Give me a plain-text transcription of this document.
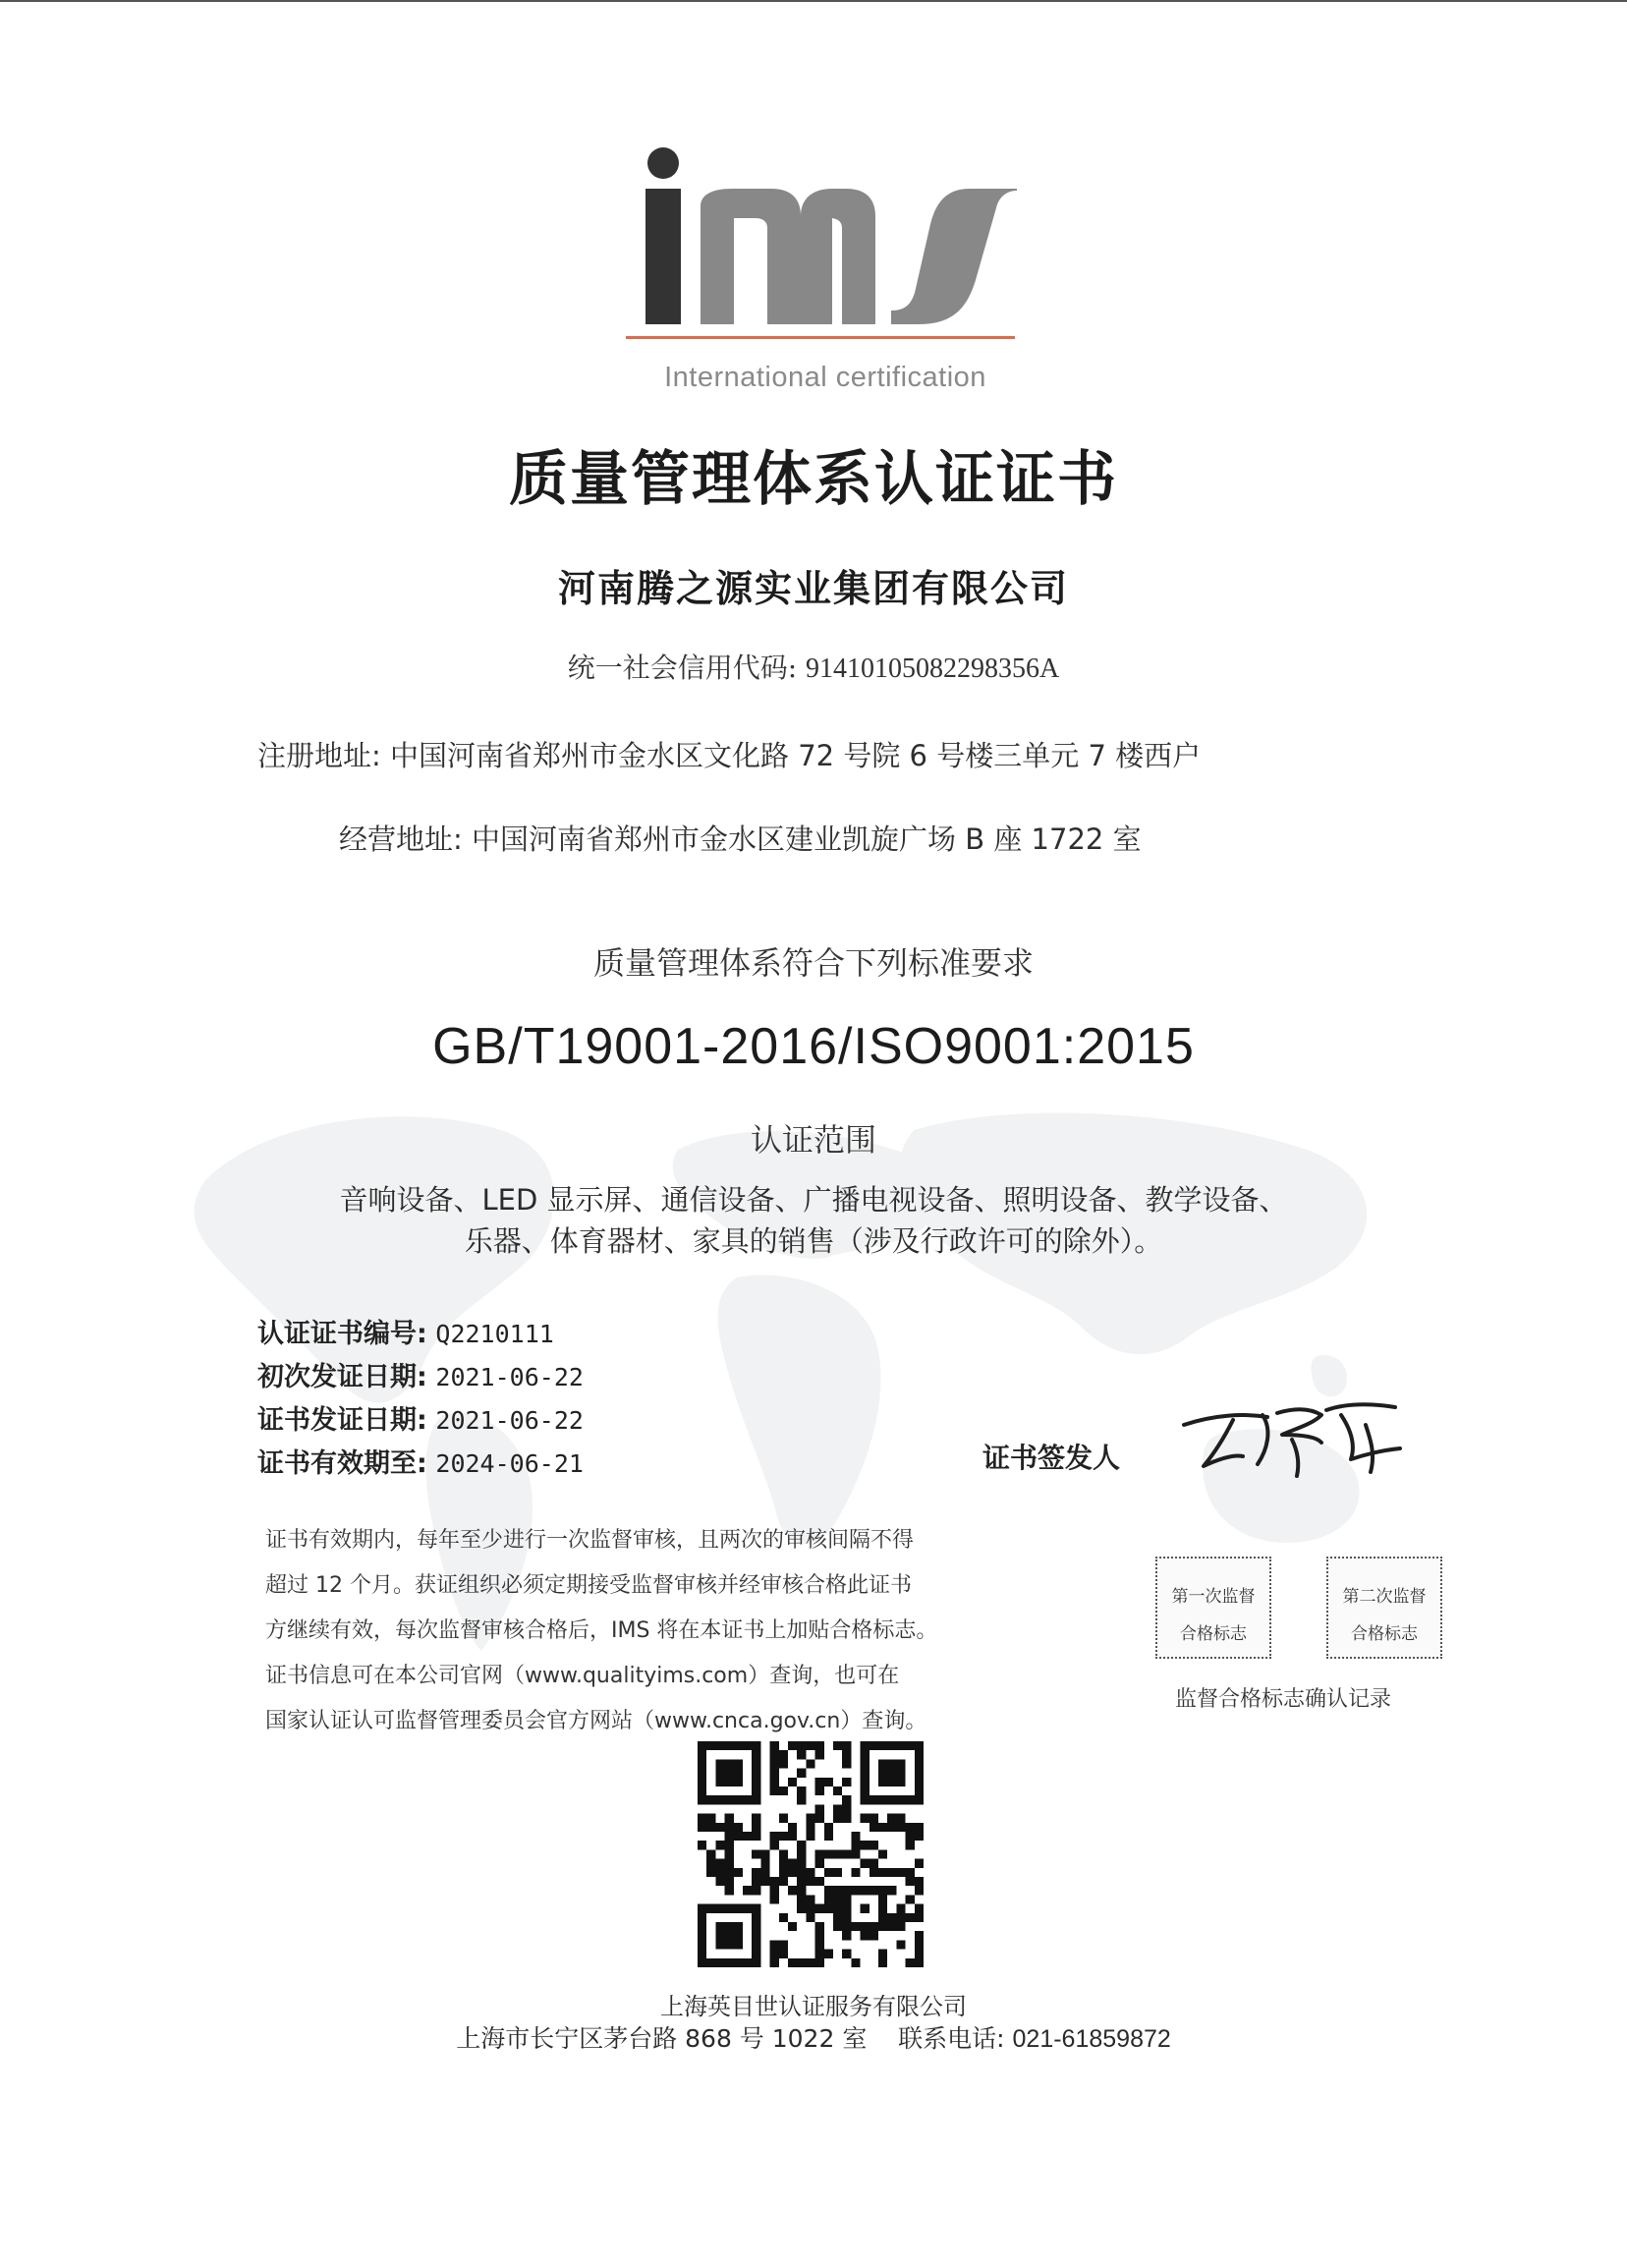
International certification
质量管理体系认证证书
河南腾之源实业集团有限公司
统一社会信用代码: 91410105082298356A
注册地址: 中国河南省郑州市金水区文化路 72 号院 6 号楼三单元 7 楼西户
经营地址: 中国河南省郑州市金水区建业凯旋广场 B 座 1722 室
质量管理体系符合下列标准要求
GB/T19001-2016/ISO9001:2015
认证范围
音响设备、LED 显示屏、通信设备、广播电视设备、照明设备、教学设备、
乐器、体育器材、家具的销售（涉及行政许可的除外）。
认证证书编号: Q2210111
初次发证日期: 2021-06-22
证书发证日期: 2021-06-22
证书有效期至: 2024-06-21	证书签发人
证书有效期内，每年至少进行一次监督审核，且两次的审核间隔不得
超过 12 个月。获证组织必须定期接受监督审核并经审核合格此证书
方继续有效，每次监督审核合格后，IMS 将在本证书上加贴合格标志。
证书信息可在本公司官网（www.qualityims.com）查询，也可在
国家认证认可监督管理委员会官方网站（www.cnca.gov.cn）查询。
第一次监督
合格标志
第二次监督
合格标志
监督合格标志确认记录
上海英目世认证服务有限公司
上海市长宁区茅台路 868 号 1022 室 联系电话: 021-61859872
